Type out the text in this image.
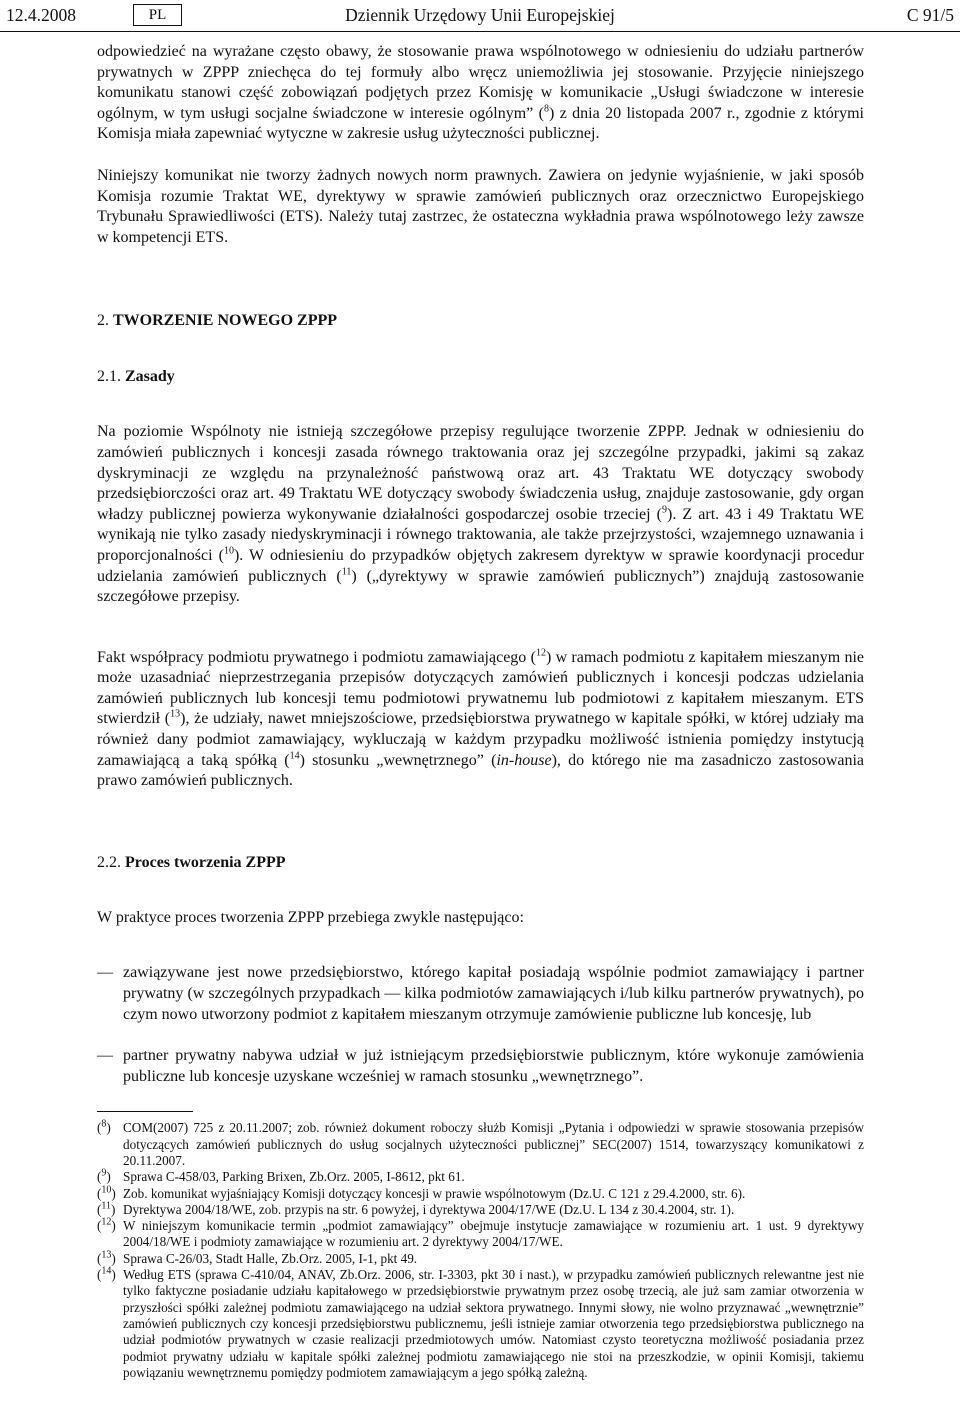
12.4.2008	Dziennik Urzędowy Unii Europejskiej
PL	C 91/5

odpowiedzieć na wyrażane często obawy, że stosowanie prawa wspólnotowego w odniesieniu do udziału partnerów prywatnych w ZPPP zniechęca do tej formuły albo wręcz uniemożliwia jej stosowanie. Przyjęcie niniejszego komunikatu stanowi część zobowiązań podjętych przez Komisję w komunikacie „Usługi świadczone w interesie ogólnym, w tym usługi socjalne świadczone w interesie ogólnym” ($^8$) z dnia 20 listopada 2007 r., zgodnie z którymi Komisja miała zapewniać wytyczne w zakresie usług użyteczności publicznej.

Niniejszy komunikat nie tworzy żadnych nowych norm prawnych. Zawiera on jedynie wyjaśnienie, w jaki sposób Komisja rozumie Traktat WE, dyrektywy w sprawie zamówień publicznych oraz orzecznictwo Europejskiego Trybunału Sprawiedliwości (ETS). Należy tutaj zastrzec, że ostateczna wykładnia prawa wspólnotowego leży zawsze w kompetencji ETS.

2. TWORZENIE NOWEGO ZPPP

2.1. Zasady

Na poziomie Wspólnoty nie istnieją szczegółowe przepisy regulujące tworzenie ZPPP. Jednak w odniesieniu do zamówień publicznych i koncesji zasada równego traktowania oraz jej szczególne przypadki, jakimi są zakaz dyskryminacji ze względu na przynależność państwową oraz art. 43 Traktatu WE dotyczący swobody przedsiębiorczości oraz art. 49 Traktatu WE dotyczący swobody świadczenia usług, znajduje zastosowanie, gdy organ władzy publicznej powierza wykonywanie działalności gospodarczej osobie trzeciej ($^9$). Z art. 43 i 49 Traktatu WE wynikają nie tylko zasady niedyskryminacji i równego traktowania, ale także przejrzystości, wzajemnego uznawania i proporcjonalności ($^{10}$). W odniesieniu do przypadków objętych zakresem dyrektyw w sprawie koordynacji procedur udzielania zamówień publicznych ($^{11}$) („dyrektywy w sprawie zamówień publicznych”) znajdują zastosowanie szczegółowe przepisy.

Fakt współpracy podmiotu prywatnego i podmiotu zamawiającego ($^{12}$) w ramach podmiotu z kapitałem mieszanym nie może uzasadniać nieprzestrzegania przepisów dotyczących zamówień publicznych i koncesji podczas udzielania zamówień publicznych lub koncesji temu podmiotowi prywatnemu lub podmiotowi z kapitałem mieszanym. ETS stwierdził ($^{13}$), że udziały, nawet mniejszościowe, przedsiębiorstwa prywatnego w kapitale spółki, w której udziały ma również dany podmiot zamawiający, wykluczają w każdym przypadku możliwość istnienia pomiędzy instytucją zamawiającą a taką spółką ($^{14}$) stosunku „wewnętrznego” (in-house), do którego nie ma zasadniczo zastosowania prawo zamówień publicznych.

2.2. Proces tworzenia ZPPP

W praktyce proces tworzenia ZPPP przebiega zwykle następująco:

— zawiązywane jest nowe przedsiębiorstwo, którego kapitał posiadają wspólnie podmiot zamawiający i partner prywatny (w szczególnych przypadkach — kilka podmiotów zamawiających i/lub kilku partnerów prywatnych), po czym nowo utworzony podmiot z kapitałem mieszanym otrzymuje zamówienie publiczne lub koncesję, lub
— partner prywatny nabywa udział w już istniejącym przedsiębiorstwie publicznym, które wykonuje zamówienia publiczne lub koncesje uzyskane wcześniej w ramach stosunku „wewnętrznego”.
($^8$) COM(2007) 725 z 20.11.2007; zob. również dokument roboczy służb Komisji „Pytania i odpowiedzi w sprawie stosowania przepisów dotyczących zamówień publicznych do usług socjalnych użyteczności publicznej” SEC(2007) 1514, towarzyszący komunikatowi z 20.11.2007.
($^9$) Sprawa C-458/03, Parking Brixen, Zb.Orz. 2005, I-8612, pkt 61.
($^{10}$) Zob. komunikat wyjaśniający Komisji dotyczący koncesji w prawie wspólnotowym (Dz.U. C 121 z 29.4.2000, str. 6).
($^{11}$) Dyrektywa 2004/18/WE, zob. przypis na str. 6 powyżej, i dyrektywa 2004/17/WE (Dz.U. L 134 z 30.4.2004, str. 1).
($^{12}$) W niniejszym komunikacie termin „podmiot zamawiający” obejmuje instytucje zamawiające w rozumieniu art. 1 ust. 9 dyrektywy 2004/18/WE i podmioty zamawiające w rozumieniu art. 2 dyrektywy 2004/17/WE.
($^{13}$) Sprawa C-26/03, Stadt Halle, Zb.Orz. 2005, I-1, pkt 49.
($^{14}$) Według ETS (sprawa C-410/04, ANAV, Zb.Orz. 2006, str. I-3303, pkt 30 i nast.), w przypadku zamówień publicznych relewantne jest nie tylko faktyczne posiadanie udziału kapitałowego w przedsiębiorstwie prywatnym przez osobę trzecią, ale już sam zamiar otworzenia w przyszłości spółki zależnej podmiotu zamawiającego na udział sektora prywatnego. Innymi słowy, nie wolno przyznawać „wewnętrznie” zamówień publicznych czy koncesji przedsiębiorstwu publicznemu, jeśli istnieje zamiar otworzenia tego przedsiębiorstwa publicznego na udział podmiotów prywatnych w czasie realizacji przedmiotowych umów. Natomiast czysto teoretyczna możliwość posiadania przez podmiot prywatny udziału w kapitale spółki zależnej podmiotu zamawiającego nie stoi na przeszkodzie, w opinii Komisji, takiemu powiązaniu wewnętrznemu pomiędzy podmiotem zamawiającym a jego spółką zależną.
